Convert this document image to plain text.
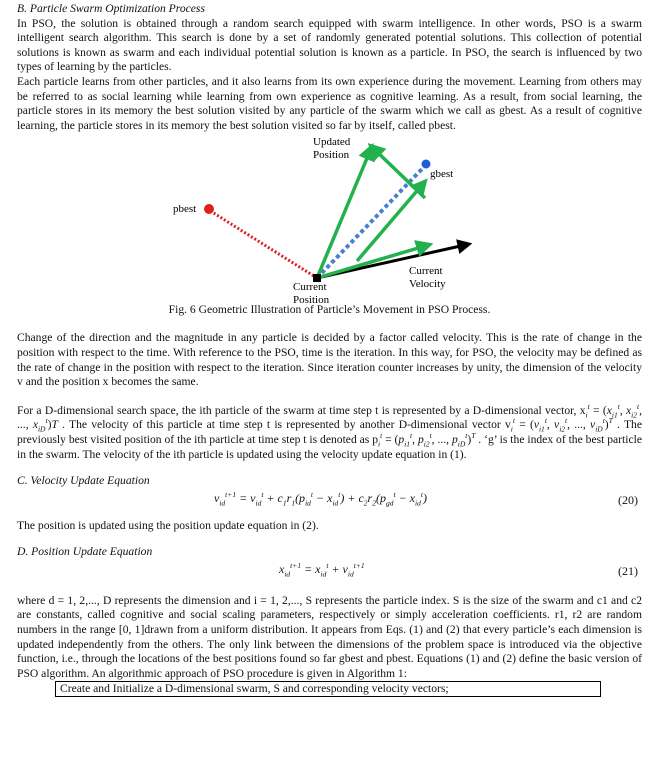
B. Particle Swarm Optimization Process

In PSO, the solution is obtained through a random search equipped with swarm intelligence. In other words, PSO is a swarm intelligent search algorithm. This search is done by a set of randomly generated potential solutions. This collection of potential solutions is known as swarm and each individual potential solution is known as a particle. In PSO, the search is influenced by two types of learning by the particles.

Each particle learns from other particles, and it also learns from its own experience during the movement. Learning from others may be referred to as social learning while learning from own experience as cognitive learning. As a result, from social learning, the particle stores in its memory the best solution visited by any particle of the swarm which we call as gbest. As a result of cognitive learning, the particle stores in its memory the best solution visited so far by itself, called pbest.

Updated
Position
gbest
pbest
Current
Velocity
Current
Position
Fig. 6 Geometric Illustration of Particle’s Movement in PSO Process.

Change of the direction and the magnitude in any particle is decided by a factor called velocity. This is the rate of change in the position with respect to the time. With reference to the PSO, time is the iteration. In this way, for PSO, the velocity may be defined as the rate of change in the position with respect to the iteration. Since iteration counter increases by unity, the dimension of the velocity v and the position x becomes the same.

For a D-dimensional search space, the ith particle of the swarm at time step t is represented by a D-dimensional vector, $x_i^t = (x_{i1}^t$, $x_{i2}^t$, ..., $x_{iD}^t)T$ . The velocity of this particle at time step t is represented by another D-dimensional vector $v_i^t = (v_{i1}^t$, $v_{i2}^t$, ..., $v_{iD}^t)^T$ . The previously best visited position of the ith particle at time step t is denoted as $p_i^t = (p_{i1}^t$, $p_{i2}^t$, ..., $p_{iD}^t)^T$ . ‘g’ is the index of the best particle in the swarm. The velocity of the ith particle is updated using the velocity update equation in (1).

C. Velocity Update Equation
$v_{id}^{t+1} = v_{id}^t + c_1r_1(p_{id}^t - x_{id}^t) + c_2r_2(p_{gd}^t - x_{id}^t)$	(20)

The position is updated using the position update equation in (2).

D. Position Update Equation
$x_{id}^{t+1} = x_{id}^t + v_{id}^{t+1}$	(21)

where d = 1, 2,..., D represents the dimension and i = 1, 2,..., S represents the particle index. S is the size of the swarm and c1 and c2 are constants, called cognitive and social scaling parameters, respectively or simply acceleration coefficients. r1, r2 are random numbers in the range [0, 1]drawn from a uniform distribution. It appears from Eqs. (1) and (2) that every particle’s each dimension is updated independently from the others. The only link between the dimensions of the problem space is introduced via the objective function, i.e., through the locations of the best positions found so far gbest and pbest. Equations (1) and (2) define the basic version of PSO algorithm. An algorithmic approach of PSO procedure is given in Algorithm 1:

Create and Initialize a D-dimensional swarm, S and corresponding velocity vectors;
